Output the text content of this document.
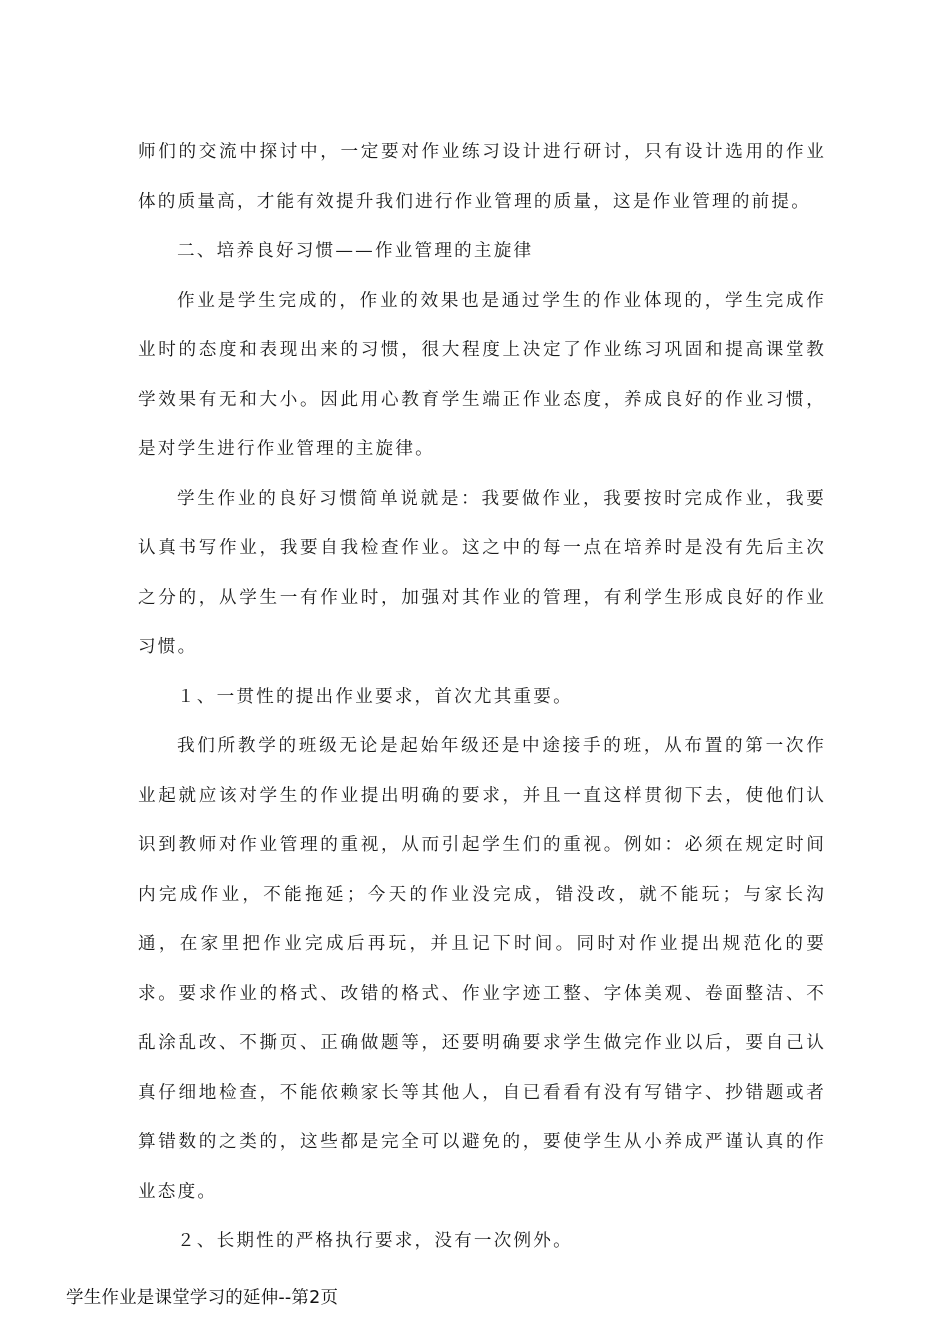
师们的交流中探讨中，一定要对作业练习设计进行研讨，只有设计选用的作业体的质量高，才能有效提升我们进行作业管理的质量，这是作业管理的前提。

二、培养良好习惯——作业管理的主旋律

作业是学生完成的，作业的效果也是通过学生的作业体现的，学生完成作业时的态度和表现出来的习惯，很大程度上决定了作业练习巩固和提高课堂教学效果有无和大小。因此用心教育学生端正作业态度，养成良好的作业习惯，是对学生进行作业管理的主旋律。

学生作业的良好习惯简单说就是：我要做作业，我要按时完成作业，我要认真书写作业，我要自我检查作业。这之中的每一点在培养时是没有先后主次之分的，从学生一有作业时，加强对其作业的管理，有利学生形成良好的作业习惯。

１、一贯性的提出作业要求，首次尤其重要。

我们所教学的班级无论是起始年级还是中途接手的班，从布置的第一次作业起就应该对学生的作业提出明确的要求，并且一直这样贯彻下去，使他们认识到教师对作业管理的重视，从而引起学生们的重视。例如：必须在规定时间内完成作业，不能拖延；今天的作业没完成，错没改，就不能玩；与家长沟通，在家里把作业完成后再玩，并且记下时间。同时对作业提出规范化的要求。要求作业的格式、改错的格式、作业字迹工整、字体美观、卷面整洁、不乱涂乱改、不撕页、正确做题等，还要明确要求学生做完作业以后，要自己认真仔细地检查，不能依赖家长等其他人，自已看看有没有写错字、抄错题或者算错数的之类的，这些都是完全可以避免的，要使学生从小养成严谨认真的作业态度。

２、长期性的严格执行要求，没有一次例外。

学生作业是课堂学习的延伸--第2页
